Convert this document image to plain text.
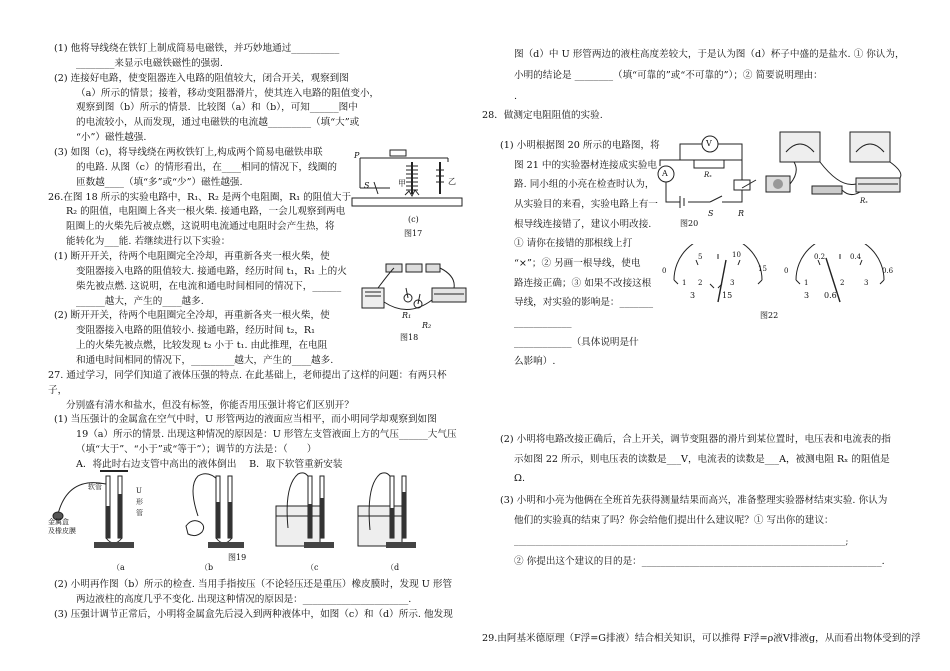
(1) 他将导线绕在铁钉上制成简易电磁铁，并巧妙地通过__________
________来显示电磁铁磁性的强弱.
(2) 连接好电路，使变阻器连入电路的阻值较大，闭合开关，观察到图
（a）所示的情景；接着，移动变阻器滑片，使其连入电路的阻值变小，
观察到图（b）所示的情景．比较图（a）和（b），可知______图中
的电流较小，从而发现，通过电磁铁的电流越_________（填“大”或
“小”）磁性越强.
(3) 如图（c)，将导线绕在两枚铁钉上,构成两个简易电磁铁串联
的电路. 从图（c）的情形看出，在____相同的情况下，线圈的
匝数越____（填“多”或“少”）磁性越强.
26.在图 18 所示的实验电路中，R₁、R₂ 是两个电阻圈，R₁ 的阻值大于
R₂ 的阻值，电阻圈上各夹一根火柴. 接通电路，一会儿观察到两电
阻圈上的火柴先后被点燃，这说明电流通过电阻时会产生热，将
能转化为___能. 若继续进行以下实验：
(1) 断开开关，待两个电阻圈完全冷却，再重新各夹一根火柴，使
变阻器接入电路的阻值较大. 接通电路，经历时间 t₁，R₁ 上的火
柴先被点燃. 这说明，在电流和通电时间相同的情况下，______
______越大，产生的____越多.
(2) 断开开关，待两个电阻圈完全冷却，再重新各夹一根火柴，使
变阻器接入电路的阻值较小. 接通电路，经历时间 t₂，R₁
上的火柴先被点燃，比较发现 t₂ 小于 t₁. 由此推理，在电阻
和通电时间相同的情况下，_________越大，产生的____越多.
27. 通过学习，同学们知道了液体压强的特点. 在此基础上，老师提出了这样的问题：有两只杯子，
分别盛有清水和盐水，但没有标签，你能否用压强计将它们区别开？
(1) 当压强计的金属盒在空气中时，U 形管两边的液面应当相平，而小明同学却观察到如图
19（a）所示的情景. 出现这种情况的原因是：U 形管左支管液面上方的气压______大气压
（填“大于”、“小于”或“等于”）；调节的方法是：（　　）
A．将此时右边支管中高出的液体倒出　 B．取下软管重新安装
(2) 小明再作图（b）所示的检查. 当用手指按压（不论轻压还是重压）橡皮膜时，发现 U 形管
两边液柱的高度几乎不变化. 出现这种情况的原因是：______________________.
(3) 压强计调节正常后，小明将金属盒先后浸入到两种液体中，如图（c）和（d）所示. 他发现
P
S	甲	乙
(c)
图17
R₁
R₂
图18
金属盒
及橡皮膜
软管	U 形 管
图19
（a	（b	（c	（d
图（d）中 U 形管两边的液柱高度差较大，于是认为图（d）杯子中盛的是盐水. ① 你认为，
小明的结论是 ________（填“可靠的”或“不可靠的”）；② 简要说明理由：
.
28．做测定电阻阻值的实验.
(1) 小明根据图 20 所示的电路图，将
图 21 中的实验器材连接成实验电
路. 同小组的小亮在检查时认为，
从实验目的来看，实验电路上有一
根导线连接错了，建议小明改接.
① 请你在接错的那根线上打
“×”；② 另画一根导线，使电
路连接正确；③ 如果不改接这根
导线，对实验的影响是：_______
____________
____________（具体说明是什
么影响）.
(2) 小明将电路改接正确后，合上开关，调节变阻器的滑片到某位置时，电压表和电流表的指
示如图 22 所示，则电压表的读数是___V，电流表的读数是___A，被测电阻 Rₓ 的阻值是
Ω.
(3) 小明和小亮为他俩在全班首先获得测量结果而高兴，准备整理实验器材结束实验. 你认为
他们的实验真的结束了吗？你会给他们提出什么建议呢？① 写出你的建议：
______________________________________________________________________________;
② 你提出这个建议的目的是：__________________________________________________.
29.由阿基米德原理（F浮=G排液）结合相关知识，可以推得 F浮=ρ液V排液g，从而看出物体受到的浮
V
A	Rₓ
S	R
图20
Rₓ
0
5	10
15
1 2	3
3	15
0
0.2	0.4
0.6
1	2	3
3 0.6
图22
